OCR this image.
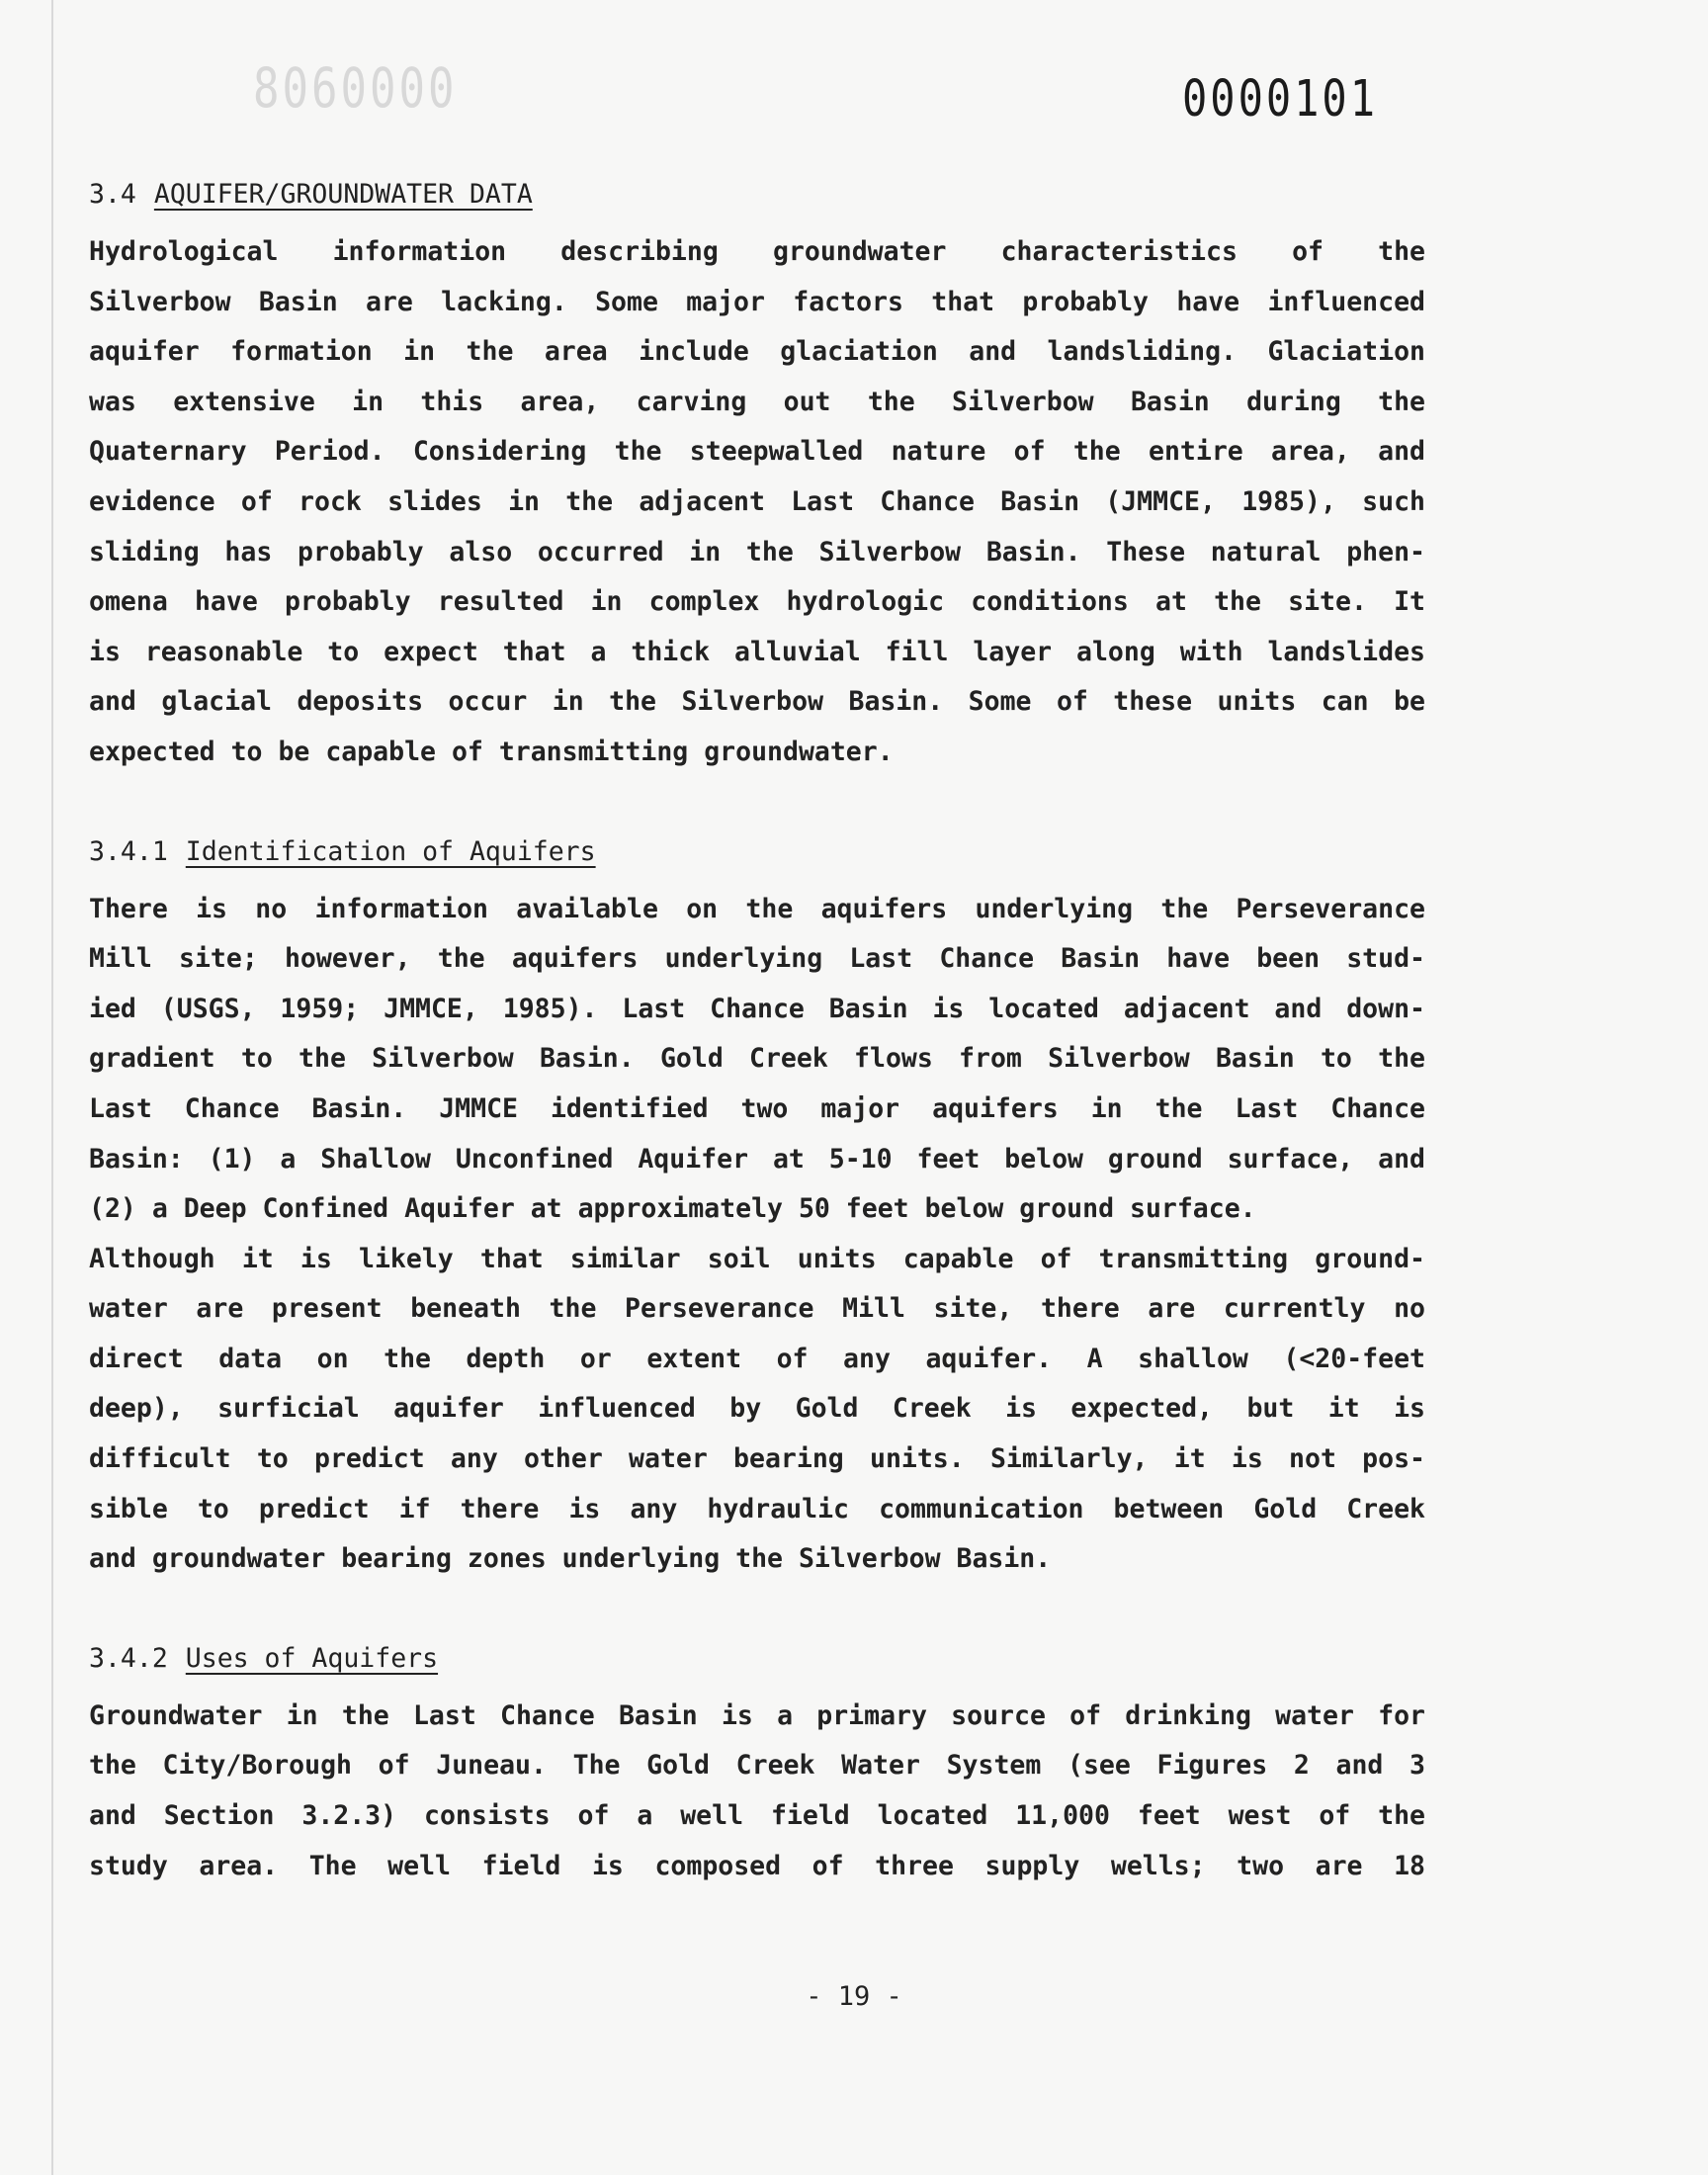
8060000	0000101
3.4 AQUIFER/GROUNDWATER DATA
Hydrological information describing groundwater characteristics of the
Silverbow Basin are lacking. Some major factors that probably have influenced
aquifer formation in the area include glaciation and landsliding. Glaciation
was extensive in this area, carving out the Silverbow Basin during the
Quaternary Period. Considering the steepwalled nature of the entire area, and
evidence of rock slides in the adjacent Last Chance Basin (JMMCE, 1985), such
sliding has probably also occurred in the Silverbow Basin. These natural phen-
omena have probably resulted in complex hydrologic conditions at the site. It
is reasonable to expect that a thick alluvial fill layer along with landslides
and glacial deposits occur in the Silverbow Basin. Some of these units can be
expected to be capable of transmitting groundwater.
3.4.1 Identification of Aquifers
There is no information available on the aquifers underlying the Perseverance
Mill site; however, the aquifers underlying Last Chance Basin have been stud-
ied (USGS, 1959; JMMCE, 1985). Last Chance Basin is located adjacent and down-
gradient to the Silverbow Basin. Gold Creek flows from Silverbow Basin to the
Last Chance Basin. JMMCE identified two major aquifers in the Last Chance
Basin: (1) a Shallow Unconfined Aquifer at 5-10 feet below ground surface, and
(2) a Deep Confined Aquifer at approximately 50 feet below ground surface.
Although it is likely that similar soil units capable of transmitting ground-
water are present beneath the Perseverance Mill site, there are currently no
direct data on the depth or extent of any aquifer. A shallow (<20-feet
deep), surficial aquifer influenced by Gold Creek is expected, but it is
difficult to predict any other water bearing units. Similarly, it is not pos-
sible to predict if there is any hydraulic communication between Gold Creek
and groundwater bearing zones underlying the Silverbow Basin.
3.4.2 Uses of Aquifers
Groundwater in the Last Chance Basin is a primary source of drinking water for
the City/Borough of Juneau. The Gold Creek Water System (see Figures 2 and 3
and Section 3.2.3) consists of a well field located 11,000 feet west of the
study area. The well field is composed of three supply wells; two are 18
- 19 -
